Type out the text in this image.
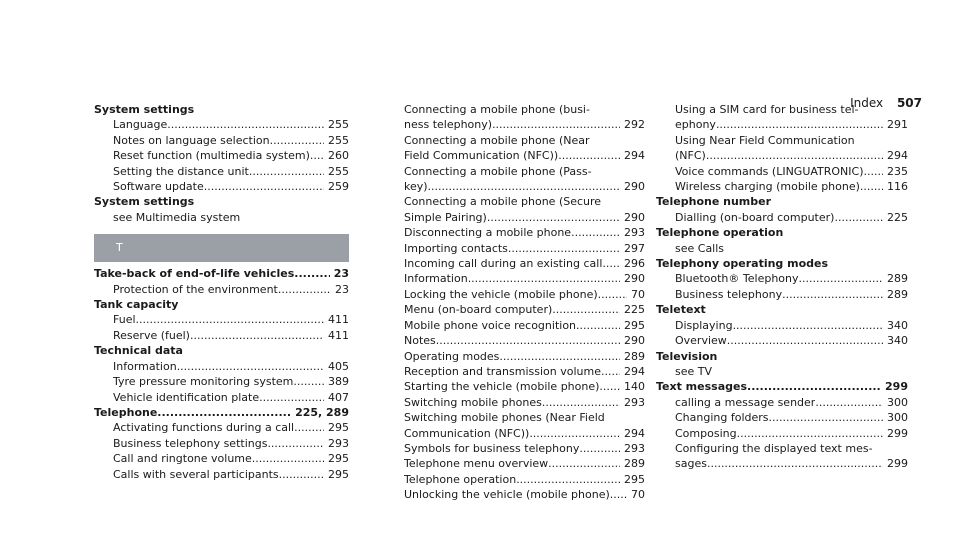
Index 507
System settings
Language .....	255
Notes on language selection .....	255
Reset function (multimedia system) .....	260
Setting the distance unit .....	255
Software update .....	259
System settings
see Multimedia system
T
Take-back of end-of-life vehicles .....	23
Protection of the environment .....	23
Tank capacity
Fuel .....	411
Reserve (fuel) .....	411
Technical data
Information .....	405
Tyre pressure monitoring system .....	389
Vehicle identification plate .....	407
Telephone .....	225, 289
Activating functions during a call .....	295
Business telephony settings .....	293
Call and ringtone volume .....	295
Calls with several participants .....	295
Connecting a mobile phone (busi-
ness telephony) .....	292
Connecting a mobile phone (Near
Field Communication (NFC)) .....	294
Connecting a mobile phone (Pass-
key) .....	290
Connecting a mobile phone (Secure
Simple Pairing) .....	290
Disconnecting a mobile phone .....	293
Importing contacts .....	297
Incoming call during an existing call .....	296
Information .....	290
Locking the vehicle (mobile phone) .....	70
Menu (on-board computer) .....	225
Mobile phone voice recognition .....	295
Notes .....	290
Operating modes .....	289
Reception and transmission volume .....	294
Starting the vehicle (mobile phone) .....	140
Switching mobile phones .....	293
Switching mobile phones (Near Field
Communication (NFC)) .....	294
Symbols for business telephony .....	293
Telephone menu overview .....	289
Telephone operation .....	295
Unlocking the vehicle (mobile phone) .....	70
Using a SIM card for business tel-
ephony .....	291
Using Near Field Communication
(NFC) .....	294
Voice commands (LINGUATRONIC) .....	235
Wireless charging (mobile phone) .....	116
Telephone number
Dialling (on-board computer) .....	225
Telephone operation
see Calls
Telephony operating modes
Bluetooth® Telephony .....	289
Business telephony .....	289
Teletext
Displaying .....	340
Overview .....	340
Television
see TV
Text messages .....	299
calling a message sender .....	300
Changing folders .....	300
Composing .....	299
Configuring the displayed text mes-
sages .....	299
